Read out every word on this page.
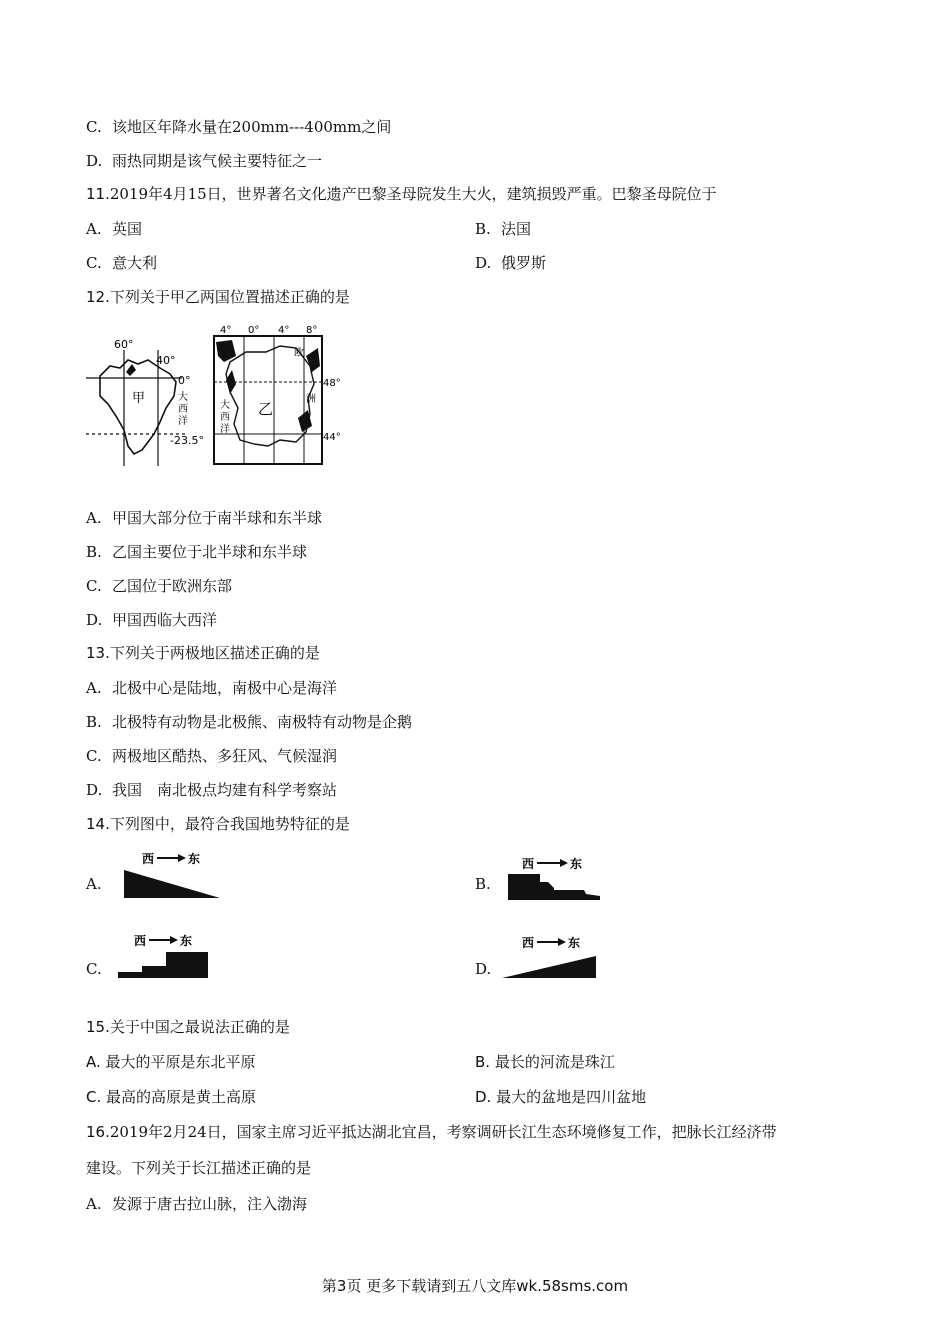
C. 该地区年降水量在200mm---400mm之间
D. 雨热同期是该气候主要特征之一
11.2019年4月15日，世界著名文化遗产巴黎圣母院发生大火，建筑损毁严重。巴黎圣母院位于
A. 英国	B. 法国
C. 意大利	D. 俄罗斯
12.下列关于甲乙两国位置描述正确的是
60°
40°
0°
-23.5°
甲	大
西
洋
4° 0° 4° 8°
48°
44°
乙
大
西
洋
欧
洲
A. 甲国大部分位于南半球和东半球
B. 乙国主要位于北半球和东半球
C. 乙国位于欧洲东部
D. 甲国西临大西洋
13.下列关于两极地区描述正确的是
A. 北极中心是陆地，南极中心是海洋
B. 北极特有动物是北极熊、南极特有动物是企鹅
C. 两极地区酷热、多狂风、气候湿润
D. 我国　南北极点均建有科学考察站
14.下列图中，最符合我国地势特征的是
A.
西	东
B.
西	东
C.
西	东
D.
西	东
15.关于中国之最说法正确的是
A. 最大的平原是东北平原	B. 最长的河流是珠江
C. 最高的高原是黄土高原	D. 最大的盆地是四川盆地
16.2019年2月24日，国家主席习近平抵达湖北宜昌，考察调研长江生态环境修复工作，把脉长江经济带
建设。下列关于长江描述正确的是
A. 发源于唐古拉山脉，注入渤海
第3页 更多下载请到五八文库wk.58sms.com
